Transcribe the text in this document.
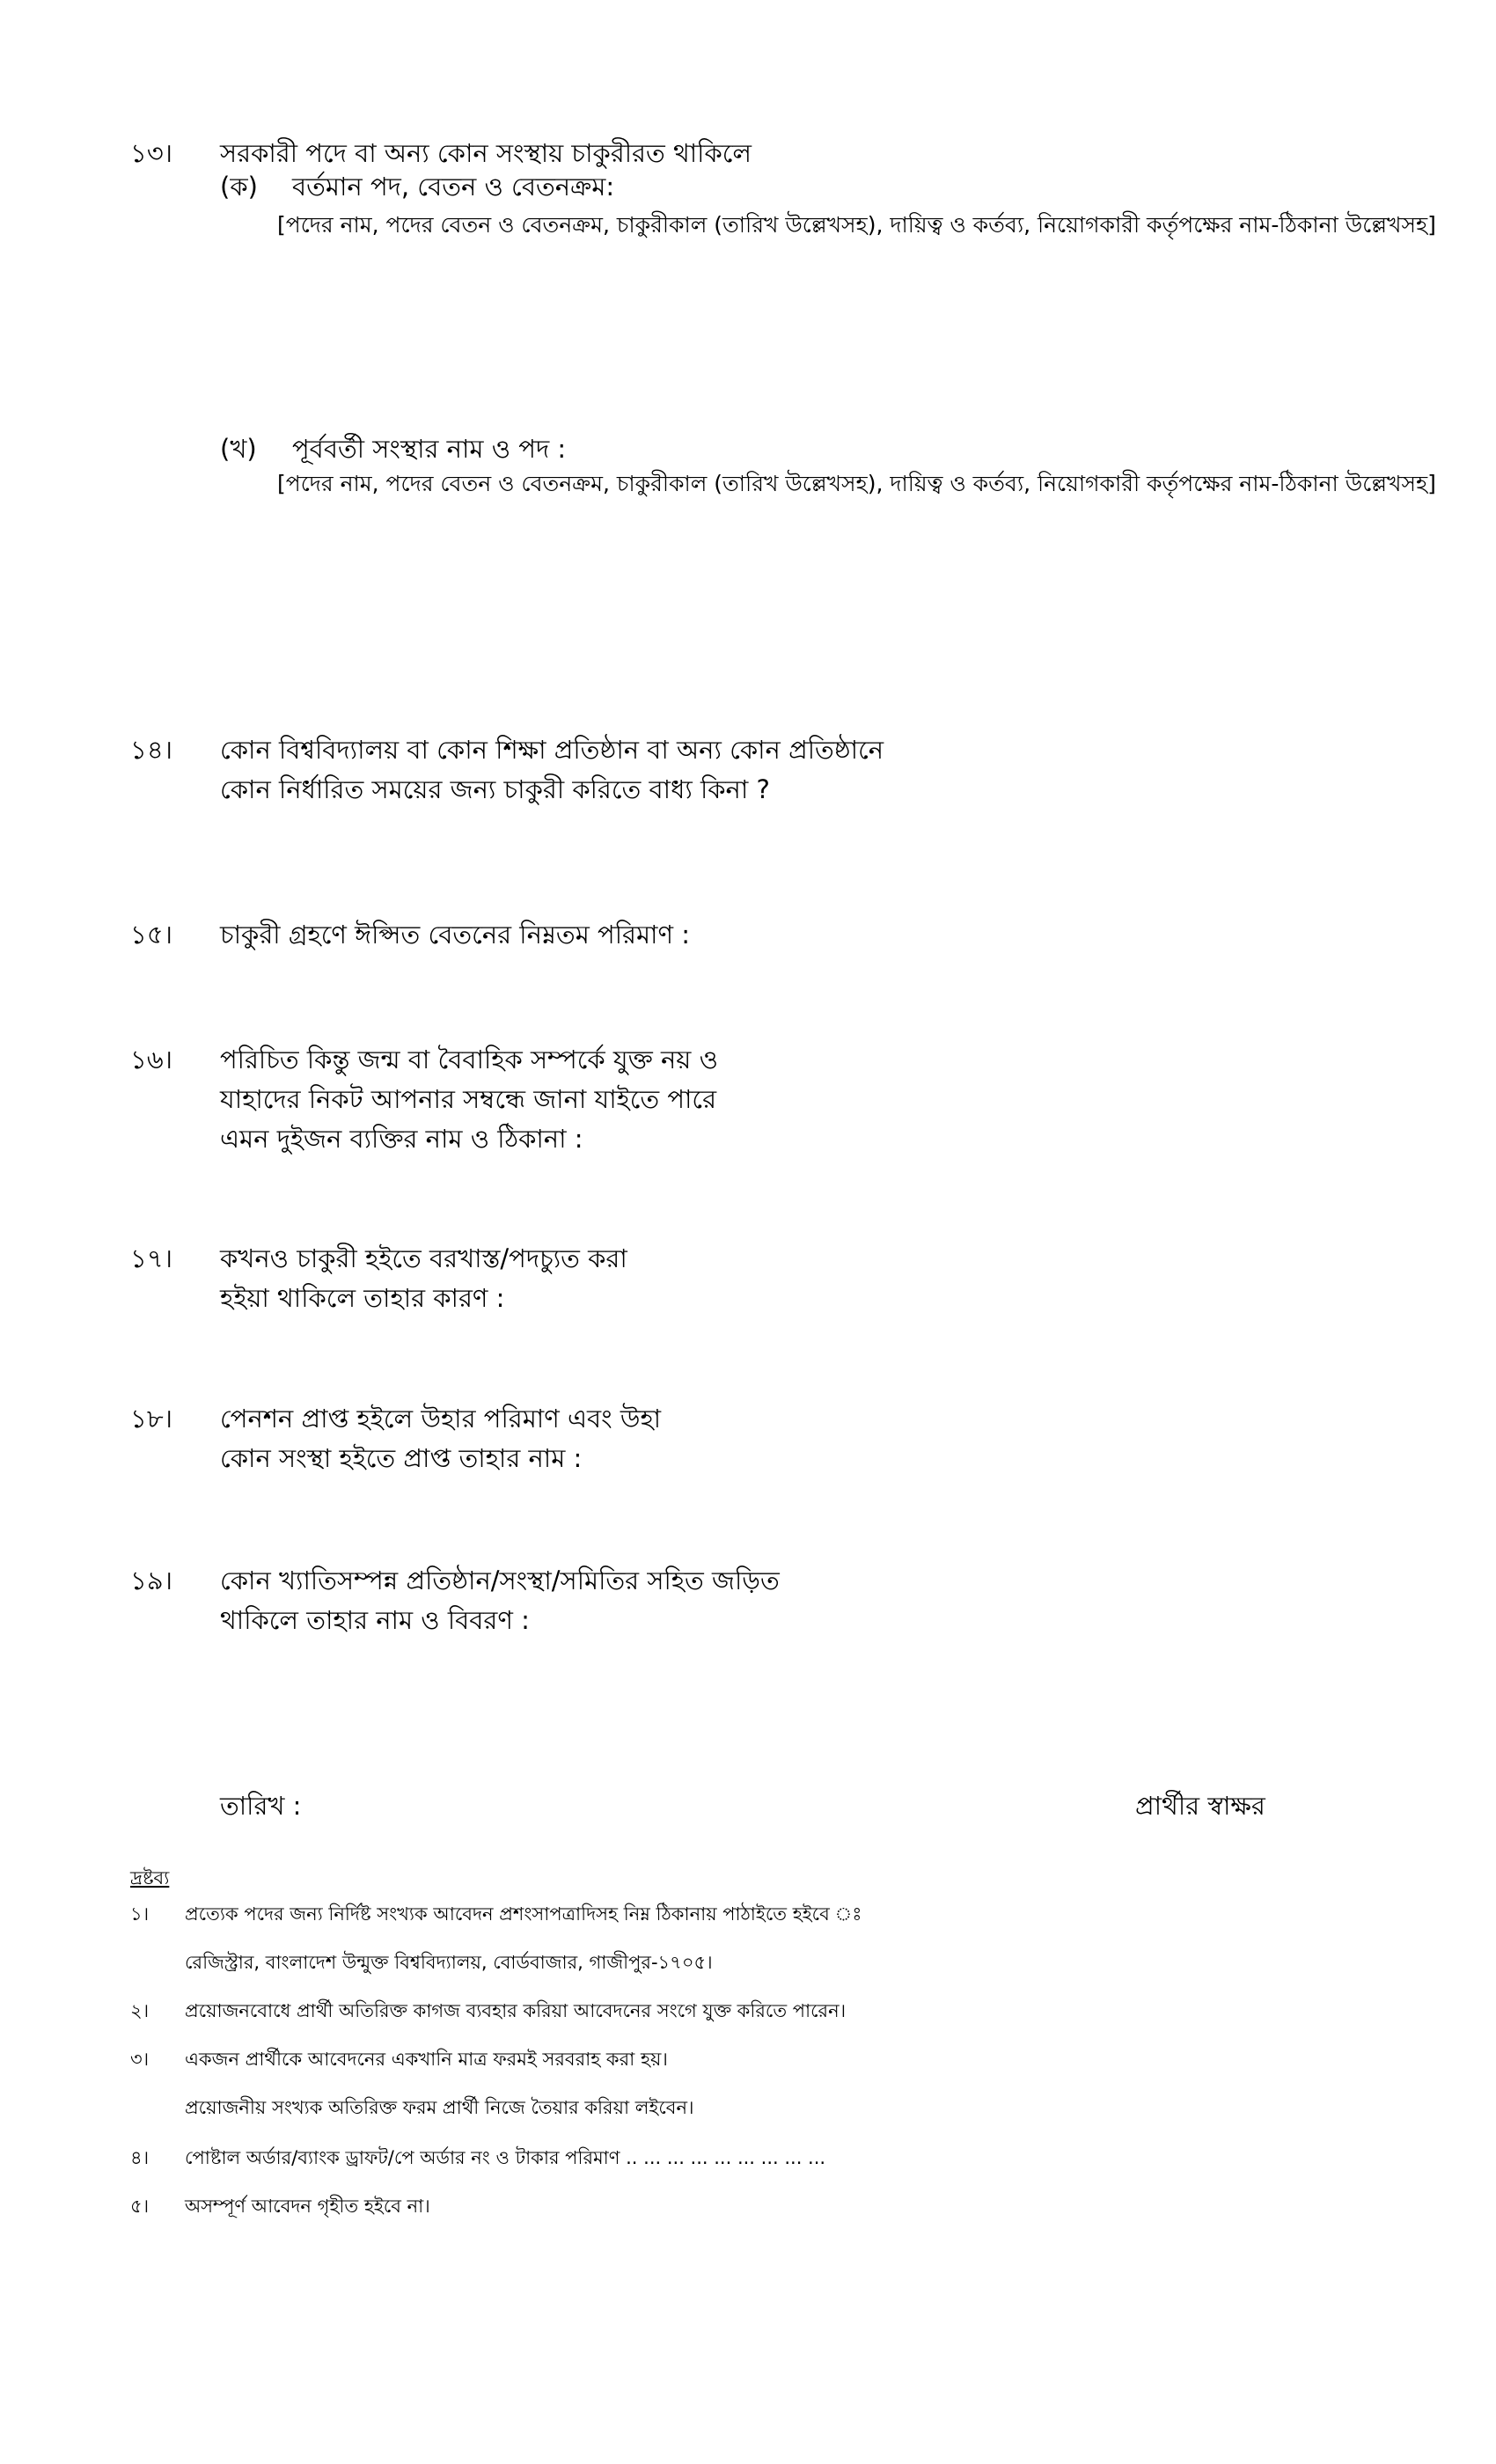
১৩। সরকারী পদে বা অন্য কোন সংস্থায় চাকুরীরত থাকিলে
(ক) বর্তমান পদ, বেতন ও বেতনক্রম:
[পদের নাম, পদের বেতন ও বেতনক্রম, চাকুরীকাল (তারিখ উল্লেখসহ), দায়িত্ব ও কর্তব্য, নিয়োগকারী কর্তৃপক্ষের নাম-ঠিকানা উল্লেখসহ]
(খ) পূর্ববর্তী সংস্থার নাম ও পদ :
[পদের নাম, পদের বেতন ও বেতনক্রম, চাকুরীকাল (তারিখ উল্লেখসহ), দায়িত্ব ও কর্তব্য, নিয়োগকারী কর্তৃপক্ষের নাম-ঠিকানা উল্লেখসহ]
১৪। কোন বিশ্ববিদ্যালয় বা কোন শিক্ষা প্রতিষ্ঠান বা অন্য কোন প্রতিষ্ঠানে
কোন নির্ধারিত সময়ের জন্য চাকুরী করিতে বাধ্য কিনা ?
১৫। চাকুরী গ্রহণে ঈপ্সিত বেতনের নিম্নতম পরিমাণ :
১৬। পরিচিত কিন্তু জন্ম বা বৈবাহিক সম্পর্কে যুক্ত নয় ও
যাহাদের নিকট আপনার সম্বন্ধে জানা যাইতে পারে
এমন দুইজন ব্যক্তির নাম ও ঠিকানা :
১৭। কখনও চাকুরী হইতে বরখাস্ত/পদচ্যুত করা
হইয়া থাকিলে তাহার কারণ :
১৮। পেনশন প্রাপ্ত হইলে উহার পরিমাণ এবং উহা
কোন সংস্থা হইতে প্রাপ্ত তাহার নাম :
১৯। কোন খ্যাতিসম্পন্ন প্রতিষ্ঠান/সংস্থা/সমিতির সহিত জড়িত
থাকিলে তাহার নাম ও বিবরণ :
তারিখ :	প্রার্থীর স্বাক্ষর
দ্রষ্টব্য
১। প্রত্যেক পদের জন্য নির্দিষ্ট সংখ্যক আবেদন প্রশংসাপত্রাদিসহ নিম্ন ঠিকানায় পাঠাইতে হইবে ঃ
রেজিস্ট্রার, বাংলাদেশ উন্মুক্ত বিশ্ববিদ্যালয়, বোর্ডবাজার, গাজীপুর-১৭০৫।
২। প্রয়োজনবোধে প্রার্থী অতিরিক্ত কাগজ ব্যবহার করিয়া আবেদনের সংগে যুক্ত করিতে পারেন।
৩। একজন প্রার্থীকে আবেদনের একখানি মাত্র ফরমই সরবরাহ করা হয়।
প্রয়োজনীয় সংখ্যক অতিরিক্ত ফরম প্রার্থী নিজে তৈয়ার করিয়া লইবেন।
৪। পোষ্টাল অর্ডার/ব্যাংক ড্রাফট/পে অর্ডার নং ও টাকার পরিমাণ .. ... ... ... ... ... ... ... ...
৫। অসম্পূর্ণ আবেদন গৃহীত হইবে না।
